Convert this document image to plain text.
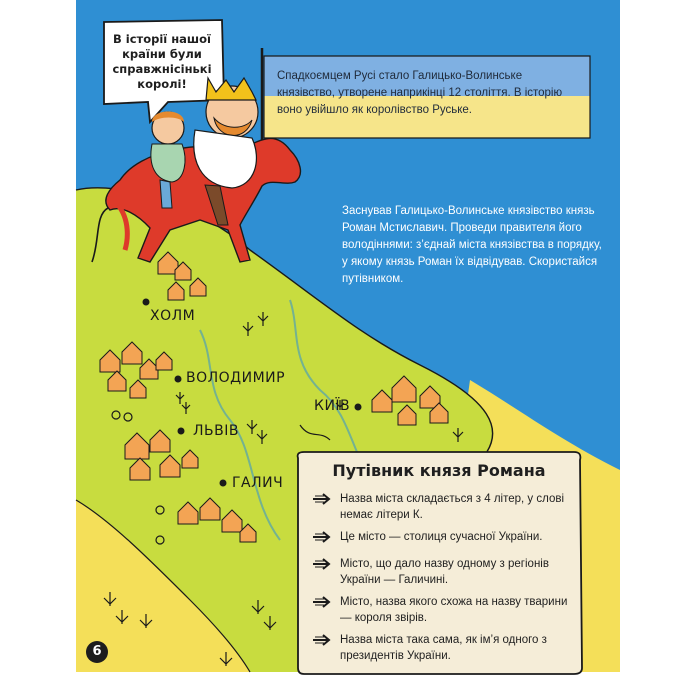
В історії нашої країни були справжнісінькі королі!
Спадкоємцем Русі стало Галицько-Волинське князівство, утворене наприкінці 12 століття. В історію воно увійшло як королівство Руське.
Заснував Галицько-Волинське князівство князь Роман Мстиславич. Проведи правителя його володіннями: з’єднай міста князівства в порядку, у якому князь Роман їх відвідував. Скористайся путівником.
ХОЛМ
ВОЛОДИМИР
КИЇВ
ЛЬВІВ
ГАЛИЧ
Путівник князя Романа
Назва міста складається з 4 літер, у слові немає літери К.
Це місто — столиця сучасної України.
Місто, що дало назву одному з регіонів України — Галичині.
Місто, назва якого схожа на назву тварини — короля звірів.
Назва міста така сама, як ім’я одного з президентів України.
6
